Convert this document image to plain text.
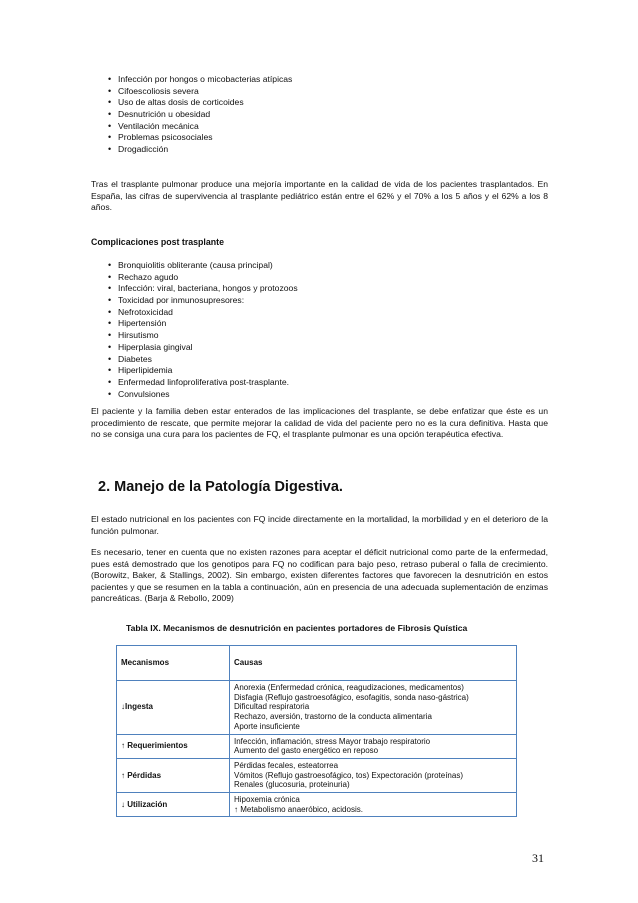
• Infección por hongos o micobacterias atípicas
• Cifoescoliosis severa
• Uso de altas dosis de corticoides
• Desnutrición u obesidad
• Ventilación mecánica
• Problemas psicosociales
• Drogadicción

Tras el trasplante pulmonar produce una mejoría importante en la calidad de vida de los pacientes trasplantados. En España, las cifras de supervivencia al trasplante pediátrico están entre el 62% y el 70% a los 5 años y el 62% a los 8 años.

Complicaciones post trasplante
• Bronquiolitis obliterante (causa principal)
• Rechazo agudo
• Infección: viral, bacteriana, hongos y protozoos
• Toxicidad por inmunosupresores:
• Nefrotoxicidad
• Hipertensión
• Hirsutismo
• Hiperplasia gingival
• Diabetes
• Hiperlipidemia
• Enfermedad linfoproliferativa post-trasplante.
• Convulsiones

El paciente y la familia deben estar enterados de las implicaciones del trasplante, se debe enfatizar que éste es un procedimiento de rescate, que permite mejorar la calidad de vida del paciente pero no es la cura definitiva. Hasta que no se consiga una cura para los pacientes de FQ, el trasplante pulmonar es una opción terapéutica efectiva.

2. Manejo de la Patología Digestiva.

El estado nutricional en los pacientes con FQ incide directamente en la mortalidad, la morbilidad y en el deterioro de la función pulmonar.

Es necesario, tener en cuenta que no existen razones para aceptar el déficit nutricional como parte de la enfermedad, pues está demostrado que los genotipos para FQ no codifican para bajo peso, retraso puberal o falla de crecimiento. (Borowitz, Baker, & Stallings, 2002). Sin embargo, existen diferentes factores que favorecen la desnutrición en estos pacientes y que se resumen en la tabla a continuación, aún en presencia de una adecuada suplementación de enzimas pancreáticas. (Barja & Rebollo, 2009)

Tabla IX. Mecanismos de desnutrición en pacientes portadores de Fibrosis Quística
Mecanismos	Causas
↓Ingesta	Anorexia (Enfermedad crónica, reagudizaciones, medicamentos)
Disfagia (Reflujo gastroesofágico, esofagitis, sonda naso-gástrica)
Dificultad respiratoria
Rechazo, aversión, trastorno de la conducta alimentaria
Aporte insuficiente

↑ Requerimientos	Infección, inflamación, stress Mayor trabajo respiratorio
Aumento del gasto energético en reposo

↑ Pérdidas	Pérdidas fecales, esteatorrea
Vómitos (Reflujo gastroesofágico, tos) Expectoración (proteínas)
Renales (glucosuria, proteinuria)

↓ Utilización	Hipoxemia crónica
↑ Metabolismo anaeróbico, acidosis.
31
